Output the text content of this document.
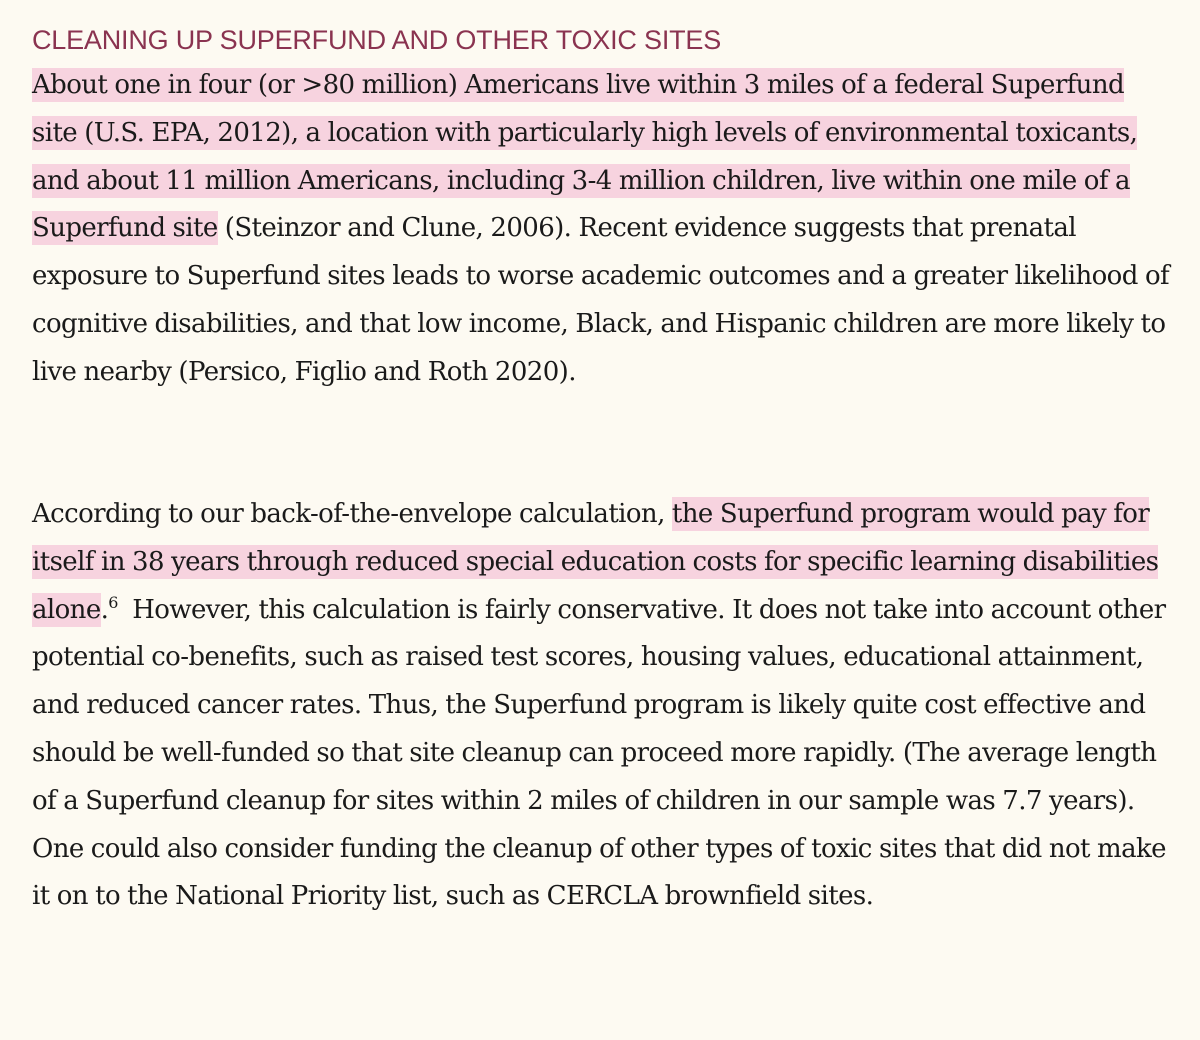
CLEANING UP SUPERFUND AND OTHER TOXIC SITES

About one in four (or >80 million) Americans live within 3 miles of a federal Superfund site (U.S. EPA, 2012), a location with particularly high levels of environmental toxicants, and about 11 million Americans, including 3-4 million children, live within one mile of a Superfund site (Steinzor and Clune, 2006). Recent evidence suggests that prenatal exposure to Superfund sites leads to worse academic outcomes and a greater likelihood of cognitive disabilities, and that low income, Black, and Hispanic children are more likely to live nearby (Persico, Figlio and Roth 2020).

According to our back-of-the-envelope calculation, the Superfund program would pay for itself in 38 years through reduced special education costs for specific learning disabilities alone.$^6$  However, this calculation is fairly conservative. It does not take into account other potential co-benefits, such as raised test scores, housing values, educational attainment, and reduced cancer rates. Thus, the Superfund program is likely quite cost effective and should be well-funded so that site cleanup can proceed more rapidly. (The average length of a Superfund cleanup for sites within 2 miles of children in our sample was 7.7 years). One could also consider funding the cleanup of other types of toxic sites that did not make it on to the National Priority list, such as CERCLA brownfield sites.
